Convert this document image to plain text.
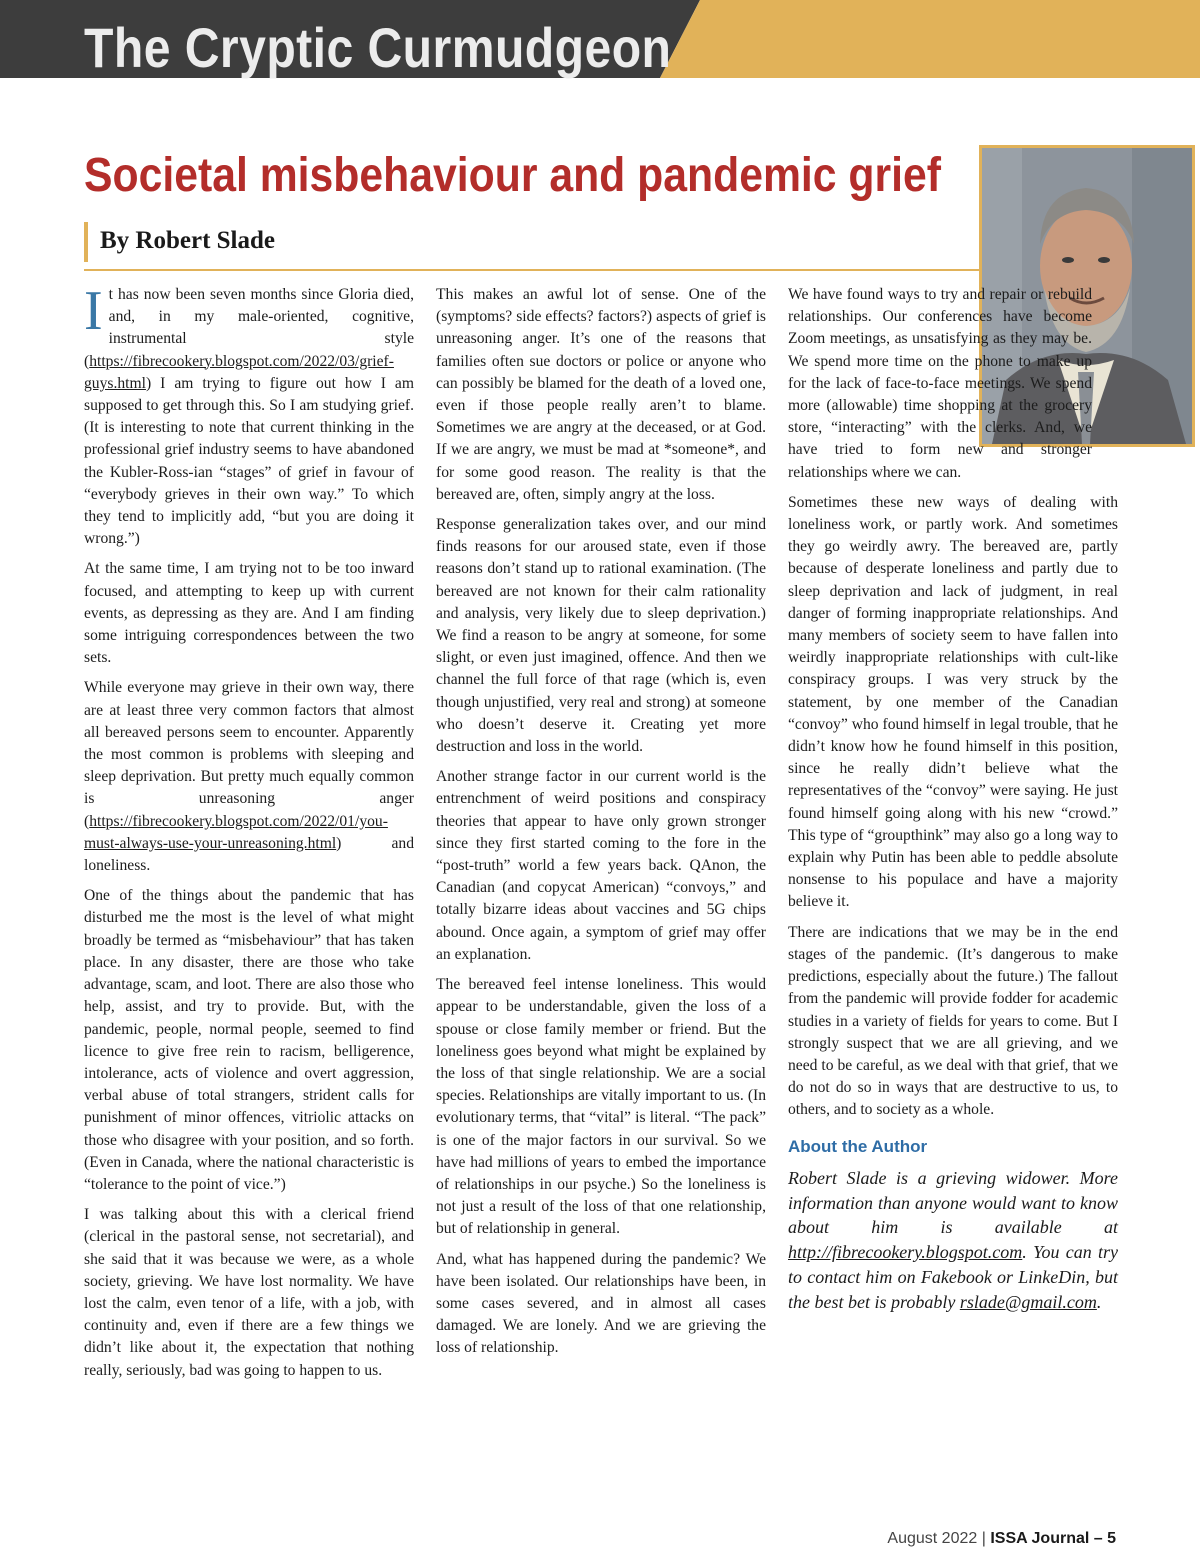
The Cryptic Curmudgeon
Societal misbehaviour and pandemic grief
By Robert Slade

It has now been seven months since Gloria died, and, in my male-oriented, cognitive, instrumental style (https://fibrecookery.blogspot.com/2022/03/grief-guys.html) I am trying to figure out how I am supposed to get through this. So I am studying grief. (It is interesting to note that current thinking in the professional grief industry seems to have abandoned the Kubler-Ross-ian “stages” of grief in favour of “everybody grieves in their own way.” To which they tend to implicitly add, “but you are doing it wrong.”)

At the same time, I am trying not to be too inward focused, and attempting to keep up with current events, as depressing as they are. And I am finding some intriguing correspondences between the two sets.

While everyone may grieve in their own way, there are at least three very common factors that almost all bereaved persons seem to encounter. Apparently the most common is problems with sleeping and sleep deprivation. But pretty much equally common is unreasoning anger (https://fibrecookery.blogspot.com/2022/01/you-must-always-use-your-unreasoning.html) and loneliness.

One of the things about the pandemic that has disturbed me the most is the level of what might broadly be termed as “misbehaviour” that has taken place. In any disaster, there are those who take advantage, scam, and loot. There are also those who help, assist, and try to provide. But, with the pandemic, people, normal people, seemed to find licence to give free rein to racism, belligerence, intolerance, acts of violence and overt aggression, verbal abuse of total strangers, strident calls for punishment of minor offences, vitriolic attacks on those who disagree with your position, and so forth. (Even in Canada, where the national characteristic is “tolerance to the point of vice.”)

I was talking about this with a clerical friend (clerical in the pastoral sense, not secretarial), and she said that it was because we were, as a whole society, grieving. We have lost normality. We have lost the calm, even tenor of a life, with a job, with continuity and, even if there are a few things we didn’t like about it, the expectation that nothing really, seriously, bad was going to happen to us.

This makes an awful lot of sense. One of the (symptoms? side effects? factors?) aspects of grief is unreasoning anger. It’s one of the reasons that families often sue doctors or police or anyone who can possibly be blamed for the death of a loved one, even if those people really aren’t to blame. Sometimes we are angry at the deceased, or at God. If we are angry, we must be mad at *someone*, and for some good reason. The reality is that the bereaved are, often, simply angry at the loss.

Response generalization takes over, and our mind finds reasons for our aroused state, even if those reasons don’t stand up to rational examination. (The bereaved are not known for their calm rationality and analysis, very likely due to sleep deprivation.) We find a reason to be angry at someone, for some slight, or even just imagined, offence. And then we channel the full force of that rage (which is, even though unjustified, very real and strong) at someone who doesn’t deserve it. Creating yet more destruction and loss in the world.

Another strange factor in our current world is the entrenchment of weird positions and conspiracy theories that appear to have only grown stronger since they first started coming to the fore in the “post-truth” world a few years back. QAnon, the Canadian (and copycat American) “convoys,” and totally bizarre ideas about vaccines and 5G chips abound. Once again, a symptom of grief may offer an explanation.

The bereaved feel intense loneliness. This would appear to be understandable, given the loss of a spouse or close family member or friend. But the loneliness goes beyond what might be explained by the loss of that single relationship. We are a social species. Relationships are vitally important to us. (In evolutionary terms, that “vital” is literal. “The pack” is one of the major factors in our survival. So we have had millions of years to embed the importance of relationships in our psyche.) So the loneliness is not just a result of the loss of that one relationship, but of relationship in general.

And, what has happened during the pandemic? We have been isolated. Our relationships have been, in some cases severed, and in almost all cases damaged. We are lonely. And we are grieving the loss of relationship.

We have found ways to try and repair or rebuild relationships. Our conferences have become Zoom meetings, as unsatisfying as they may be. We spend more time on the phone to make up for the lack of face-to-face meetings. We spend more (allowable) time shopping at the grocery store, “interacting” with the clerks. And, we have tried to form new and stronger relationships where we can.

Sometimes these new ways of dealing with loneliness work, or partly work. And sometimes they go weirdly awry. The bereaved are, partly because of desperate loneliness and partly due to sleep deprivation and lack of judgment, in real danger of forming inappropriate relationships. And many members of society seem to have fallen into weirdly inappropriate relationships with cult-like conspiracy groups. I was very struck by the statement, by one member of the Canadian “convoy” who found himself in legal trouble, that he didn’t know how he found himself in this position, since he really didn’t believe what the representatives of the “convoy” were saying. He just found himself going along with his new “crowd.” This type of “groupthink” may also go a long way to explain why Putin has been able to peddle absolute nonsense to his populace and have a majority believe it.

There are indications that we may be in the end stages of the pandemic. (It’s dangerous to make predictions, especially about the future.) The fallout from the pandemic will provide fodder for academic studies in a variety of fields for years to come. But I strongly suspect that we are all grieving, and we need to be careful, as we deal with that grief, that we do not do so in ways that are destructive to us, to others, and to society as a whole.

About the Author

Robert Slade is a grieving widower. More information than anyone would want to know about him is available at http://fibrecookery.blogspot.com. You can try to contact him on Fakebook or LinkeDin, but the best bet is probably rslade@gmail.com.

August 2022 | ISSA Journal – 5
